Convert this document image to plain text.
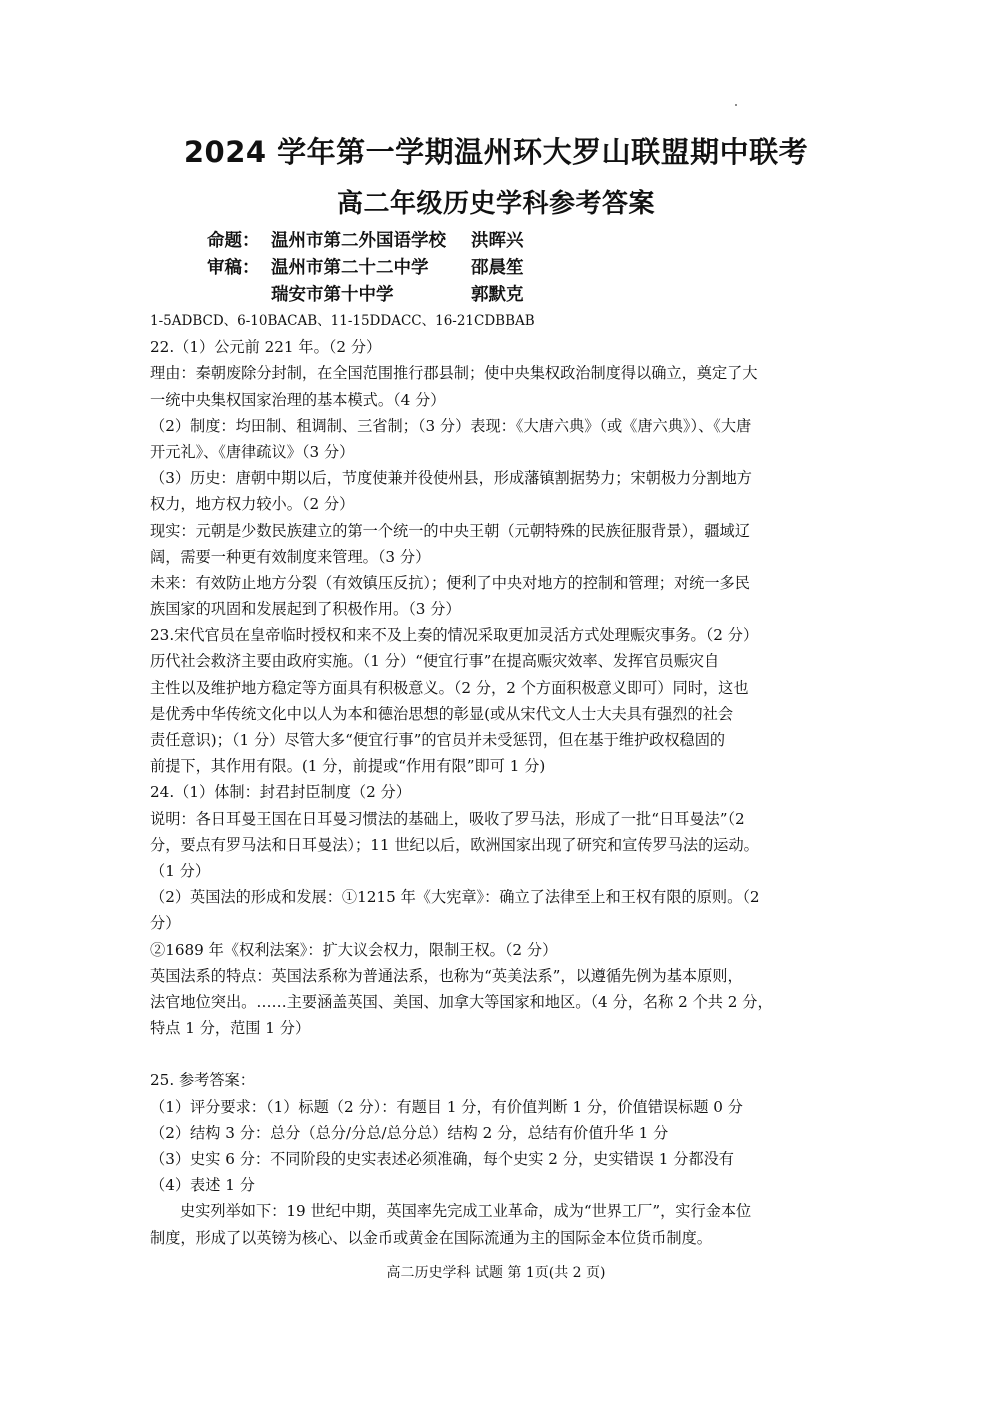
2024 学年第一学期温州环大罗山联盟期中联考
高二年级历史学科参考答案
命题： 温州市第二外国语学校	洪晖兴
审稿： 温州市第二十二中学	邵晨笙
瑞安市第十中学	郭默克
1-5ADBCD、6-10BACAB、11-15DDACC、16-21CDBBAB
22.（1）公元前 221 年。（2 分）
理由：秦朝废除分封制，在全国范围推行郡县制；使中央集权政治制度得以确立，奠定了大
一统中央集权国家治理的基本模式。（4 分）
（2）制度：均田制、租调制、三省制；（3 分）表现：《大唐六典》（或《唐六典》）、《大唐
开元礼》、《唐律疏议》（3 分）
（3）历史：唐朝中期以后，节度使兼并役使州县，形成藩镇割据势力；宋朝极力分割地方
权力，地方权力较小。（2 分）
现实：元朝是少数民族建立的第一个统一的中央王朝（元朝特殊的民族征服背景），疆域辽
阔，需要一种更有效制度来管理。（3 分）
未来：有效防止地方分裂（有效镇压反抗）；便利了中央对地方的控制和管理；对统一多民
族国家的巩固和发展起到了积极作用。（3 分）
23.宋代官员在皇帝临时授权和来不及上奏的情况采取更加灵活方式处理赈灾事务。（2 分）
历代社会救济主要由政府实施。（1 分）“便宜行事”在提高赈灾效率、发挥官员赈灾自
主性以及维护地方稳定等方面具有积极意义。（2 分，2 个方面积极意义即可）同时，这也
是优秀中华传统文化中以人为本和德治思想的彰显(或从宋代文人士大夫具有强烈的社会
责任意识)；（1 分）尽管大多“便宜行事”的官员并未受惩罚，但在基于维护政权稳固的
前提下，其作用有限。(1 分，前提或“作用有限”即可 1 分)
24.（1）体制：封君封臣制度（2 分）
说明：各日耳曼王国在日耳曼习惯法的基础上，吸收了罗马法，形成了一批“日耳曼法”（2
分，要点有罗马法和日耳曼法）；11 世纪以后，欧洲国家出现了研究和宣传罗马法的运动。
（1 分）
（2）英国法的形成和发展：①1215 年《大宪章》：确立了法律至上和王权有限的原则。（2
分）
②1689 年《权利法案》：扩大议会权力，限制王权。（2 分）
英国法系的特点：英国法系称为普通法系，也称为“英美法系”，以遵循先例为基本原则，
法官地位突出。……主要涵盖英国、美国、加拿大等国家和地区。（4 分，名称 2 个共 2 分，
特点 1 分，范围 1 分）
25. 参考答案：
（1）评分要求：（1）标题（2 分）：有题目 1 分，有价值判断 1 分，价值错误标题 0 分
（2）结构 3 分：总分（总分/分总/总分总）结构 2 分，总结有价值升华 1 分
（3）史实 6 分：不同阶段的史实表述必须准确，每个史实 2 分，史实错误 1 分都没有
（4）表述 1 分
史实列举如下：19 世纪中期，英国率先完成工业革命，成为“世界工厂”，实行金本位
制度，形成了以英镑为核心、以金币或黄金在国际流通为主的国际金本位货币制度。
高二历史学科 试题 第 1页(共 2 页)
